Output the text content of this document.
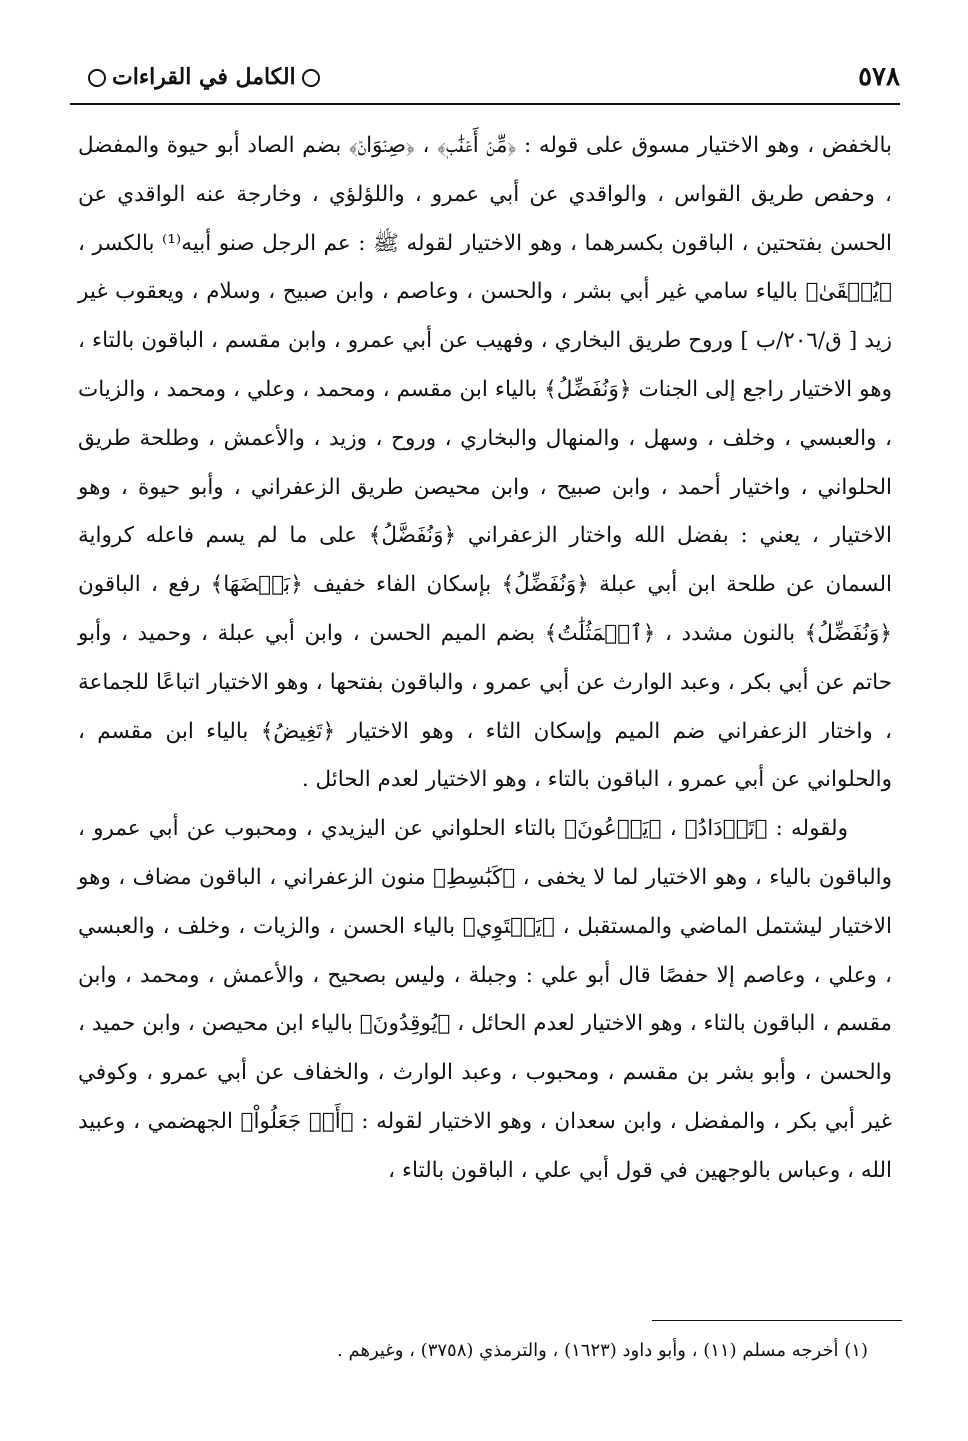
٥٧٨
الكامل في القراءات

بالخفض ، وهو الاختيار مسوق على قوله : ﴿مِّنۡ أَعۡنَٰبٖ﴾ ، ﴿صِنۡوَانٞ﴾ بضم الصاد أبو حيوة والمفضل ، وحفص طريق القواس ، والواقدي عن أبي عمرو ، واللؤلؤي ، وخارجة عنه الواقدي عن الحسن بفتحتين ، الباقون بكسرهما ، وهو الاختيار لقوله ﷺ : عم الرجل صنو أبيه⁽¹⁾ بالكسر ، ﴿يُسۡقَىٰ﴾ بالياء سامي غير أبي بشر ، والحسن ، وعاصم ، وابن صبيح ، وسلام ، ويعقوب غير زيد [ ق/٢٠٦/ب ] وروح طريق البخاري ، وفهيب عن أبي عمرو ، وابن مقسم ، الباقون بالتاء ، وهو الاختيار راجع إلى الجنات ﴿وَنُفَضِّلُ﴾ بالياء ابن مقسم ، ومحمد ، وعلي ، ومحمد ، والزيات ، والعبسي ، وخلف ، وسهل ، والمنهال والبخاري ، وروح ، وزيد ، والأعمش ، وطلحة طريق الحلواني ، واختيار أحمد ، وابن صبيح ، وابن محيصن طريق الزعفراني ، وأبو حيوة ، وهو الاختيار ، يعني : بفضل الله واختار الزعفراني ﴿وَنُفَضَّلُ﴾ على ما لم يسم فاعله كرواية السمان عن طلحة ابن أبي عبلة ﴿وَنُفَضِّلُ﴾ بإسكان الفاء خفيف ﴿بَعۡضَهَا﴾ رفع ، الباقون ﴿وَنُفَضِّلُ﴾ بالنون مشدد ، ﴿ٱلۡمَثُلَٰتُ﴾ بضم الميم الحسن ، وابن أبي عبلة ، وحميد ، وأبو حاتم عن أبي بكر ، وعبد الوارث عن أبي عمرو ، والباقون بفتحها ، وهو الاختيار اتباعًا للجماعة ، واختار الزعفراني ضم الميم وإسكان الثاء ، وهو الاختيار ﴿تَغِيضُ﴾ بالياء ابن مقسم ، والحلواني عن أبي عمرو ، الباقون بالتاء ، وهو الاختيار لعدم الحائل .

ولقوله : ﴿تَزۡدَادُ﴾ ، ﴿يَدۡعُونَ﴾ بالتاء الحلواني عن اليزيدي ، ومحبوب عن أبي عمرو ، والباقون بالياء ، وهو الاختيار لما لا يخفى ، ﴿كَبَٰسِطِ﴾ منون الزعفراني ، الباقون مضاف ، وهو الاختيار ليشتمل الماضي والمستقبل ، ﴿يَسۡتَوِي﴾ بالياء الحسن ، والزيات ، وخلف ، والعبسي ، وعلي ، وعاصم إلا حفصًا قال أبو علي : وجبلة ، وليس بصحيح ، والأعمش ، ومحمد ، وابن مقسم ، الباقون بالتاء ، وهو الاختيار لعدم الحائل ، ﴿يُوقِدُونَ﴾ بالياء ابن محيصن ، وابن حميد ، والحسن ، وأبو بشر بن مقسم ، ومحبوب ، وعبد الوارث ، والخفاف عن أبي عمرو ، وكوفي غير أبي بكر ، والمفضل ، وابن سعدان ، وهو الاختيار لقوله : ﴿أَمۡ جَعَلُواْ﴾ الجهضمي ، وعبيد الله ، وعباس بالوجهين في قول أبي علي ، الباقون بالتاء ،

(١) أخرجه مسلم (١١) ، وأبو داود (١٦٢٣) ، والترمذي (٣٧٥٨) ، وغيرهم .
